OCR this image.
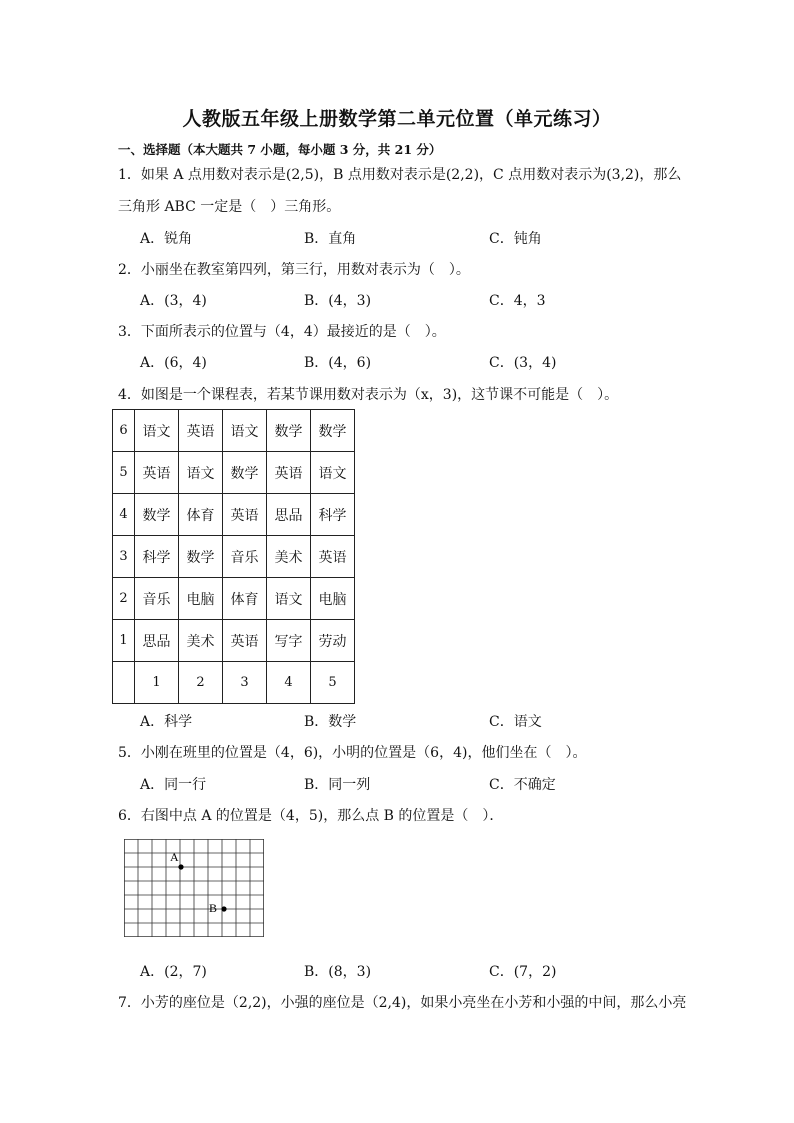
人教版五年级上册数学第二单元位置（单元练习）
一、选择题（本大题共 7 小题，每小题 3 分，共 21 分）
1．如果 A 点用数对表示是(2,5)，B 点用数对表示是(2,2)，C 点用数对表示为(3,2)，那么
三角形 ABC 一定是（　）三角形。
A．锐角	B．直角	C．钝角
2．小丽坐在教室第四列，第三行，用数对表示为（　）。
A．(3，4)	B．(4，3)	C．4，3
3．下面所表示的位置与（4，4）最接近的是（　）。
A．(6，4)	B．(4，6)	C．(3，4)
4．如图是一个课程表，若某节课用数对表示为（x，3)，这节课不可能是（　）。
6	语文	英语	语文	数学	数学
5	英语	语文	数学	英语	语文
4	数学	体育	英语	思品	科学
3	科学	数学	音乐	美术	英语
2	音乐	电脑	体育	语文	电脑
1	思品	美术	英语	写字	劳动
	1	2	3	4	5
A．科学	B．数学	C．语文
5．小刚在班里的位置是（4，6)，小明的位置是（6，4)，他们坐在（　）。
A．同一行	B．同一列	C．不确定
6．右图中点 A 的位置是（4，5)，那么点 B 的位置是（　）．
A
B
A．(2，7)	B．(8，3)	C．(7，2)
7．小芳的座位是（2,2)，小强的座位是（2,4)，如果小亮坐在小芳和小强的中间，那么小亮
